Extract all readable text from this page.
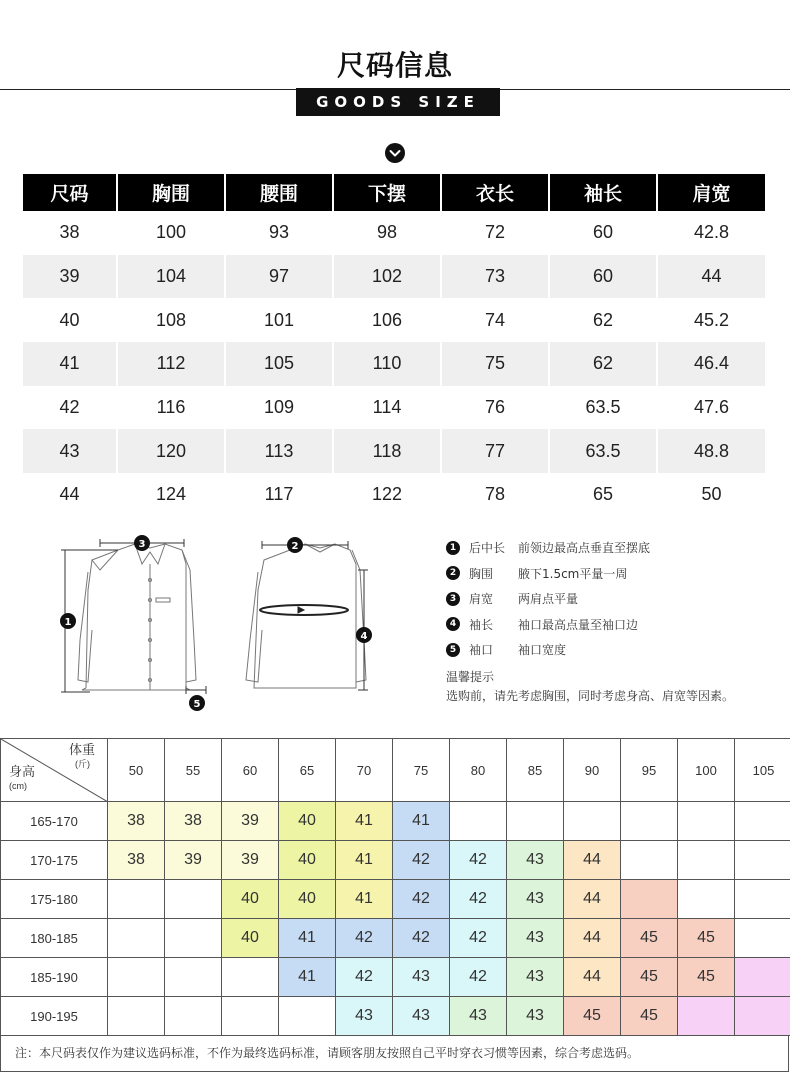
尺码信息
GOODS SIZE
尺码	胸围	腰围	下摆	衣长	袖长	肩宽
38	100	93	98	72	60	42.8
39	104	97	102	73	60	44
40	108	101	106	74	62	45.2
41	112	105	110	75	62	46.4
42	116	109	114	76	63.5	47.6
43	120	113	118	77	63.5	48.8
44	124	117	122	78	65	50
3
1
2
4
5
1	后中长	前领边最高点垂直至摆底
2	胸围	腋下1.5cm平量一周
3	肩宽	两肩点平量
4	袖长	袖口最高点量至袖口边
5	袖口	袖口宽度
温馨提示
选购前，请先考虑胸围，同时考虑身高、肩宽等因素。
体重
(斤)
身高
(cm)	50	55	60	65	70	75	80	85	90	95	100	105
165-170	38	38	39	40	41	41						
170-175	38	39	39	40	41	42	42	43	44			
175-180			40	40	41	42	42	43	44			
180-185			40	41	42	42	42	43	44	45	45	
185-190				41	42	43	42	43	44	45	45	
190-195					43	43	43	43	45	45		
注：本尺码表仅作为建议选码标准，不作为最终选码标准，请顾客朋友按照自己平时穿衣习惯等因素，综合考虑选码。
